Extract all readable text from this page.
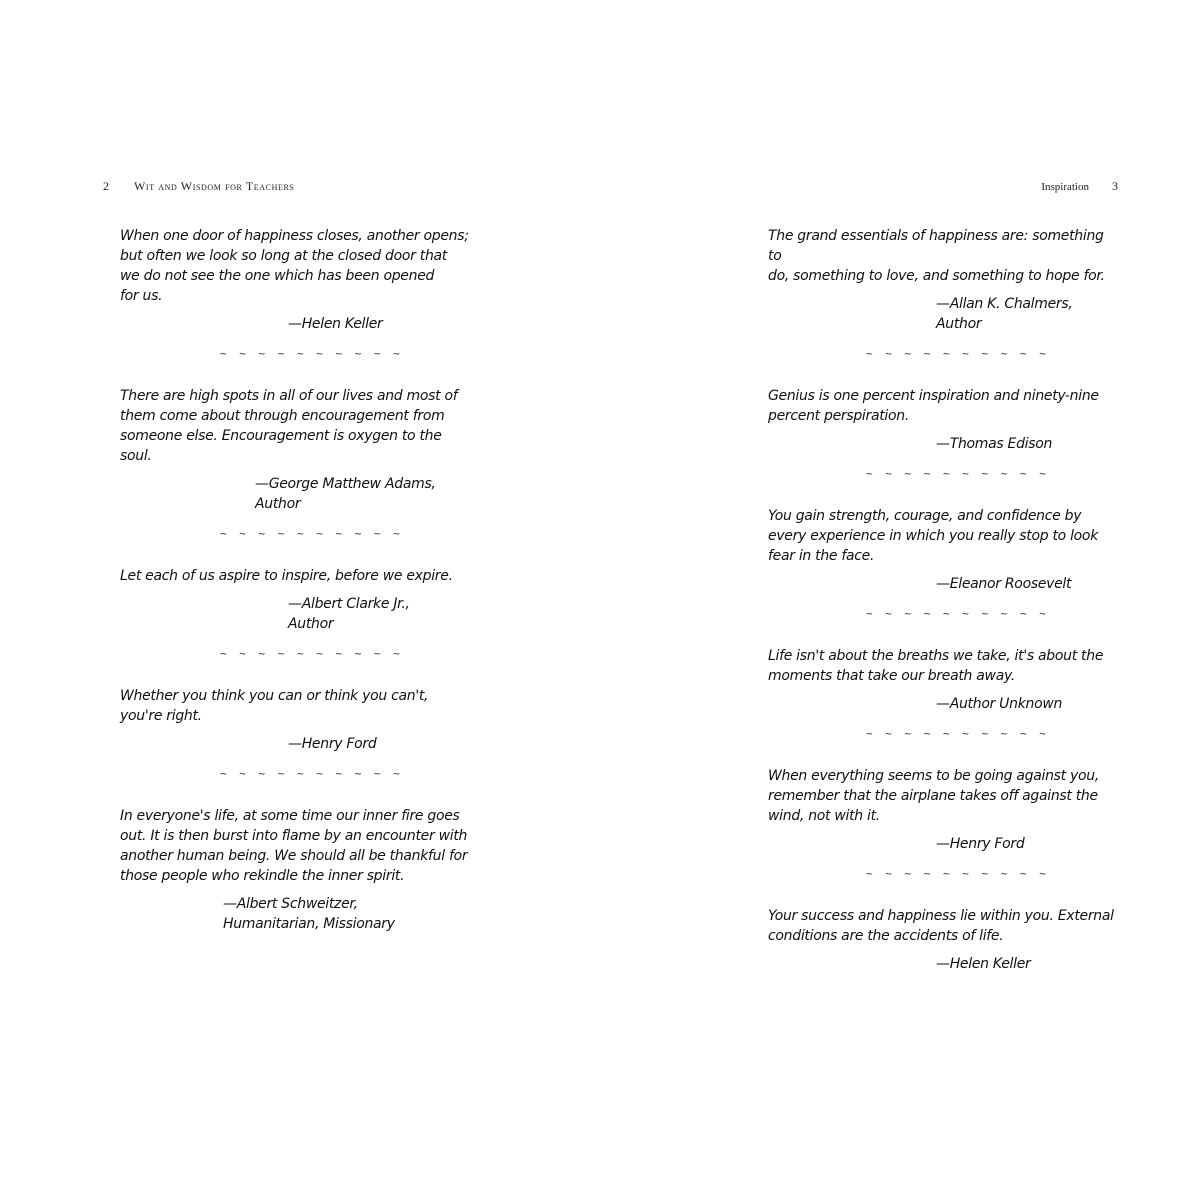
2 Wit and Wisdom for Teachers

When one door of happiness closes, another opens;
but often we look so long at the closed door that
we do not see the one which has been opened
for us.

—Helen Keller
~ ~ ~ ~ ~ ~ ~ ~ ~ ~

There are high spots in all of our lives and most of
them come about through encouragement from
someone else. Encouragement is oxygen to the soul.

—George Matthew Adams,
Author
~ ~ ~ ~ ~ ~ ~ ~ ~ ~

Let each of us aspire to inspire, before we expire.

—Albert Clarke Jr.,
Author
~ ~ ~ ~ ~ ~ ~ ~ ~ ~

Whether you think you can or think you can't,
you're right.

—Henry Ford
~ ~ ~ ~ ~ ~ ~ ~ ~ ~

In everyone's life, at some time our inner fire goes
out. It is then burst into flame by an encounter with
another human being. We should all be thankful for
those people who rekindle the inner spirit.

—Albert Schweitzer,
Humanitarian, Missionary
Inspiration 3

The grand essentials of happiness are: something to
do, something to love, and something to hope for.

—Allan K. Chalmers,
Author
~ ~ ~ ~ ~ ~ ~ ~ ~ ~

Genius is one percent inspiration and ninety-nine
percent perspiration.

—Thomas Edison
~ ~ ~ ~ ~ ~ ~ ~ ~ ~

You gain strength, courage, and confidence by
every experience in which you really stop to look
fear in the face.

—Eleanor Roosevelt
~ ~ ~ ~ ~ ~ ~ ~ ~ ~

Life isn't about the breaths we take, it's about the
moments that take our breath away.

—Author Unknown
~ ~ ~ ~ ~ ~ ~ ~ ~ ~

When everything seems to be going against you,
remember that the airplane takes off against the
wind, not with it.

—Henry Ford
~ ~ ~ ~ ~ ~ ~ ~ ~ ~

Your success and happiness lie within you. External
conditions are the accidents of life.

—Helen Keller
